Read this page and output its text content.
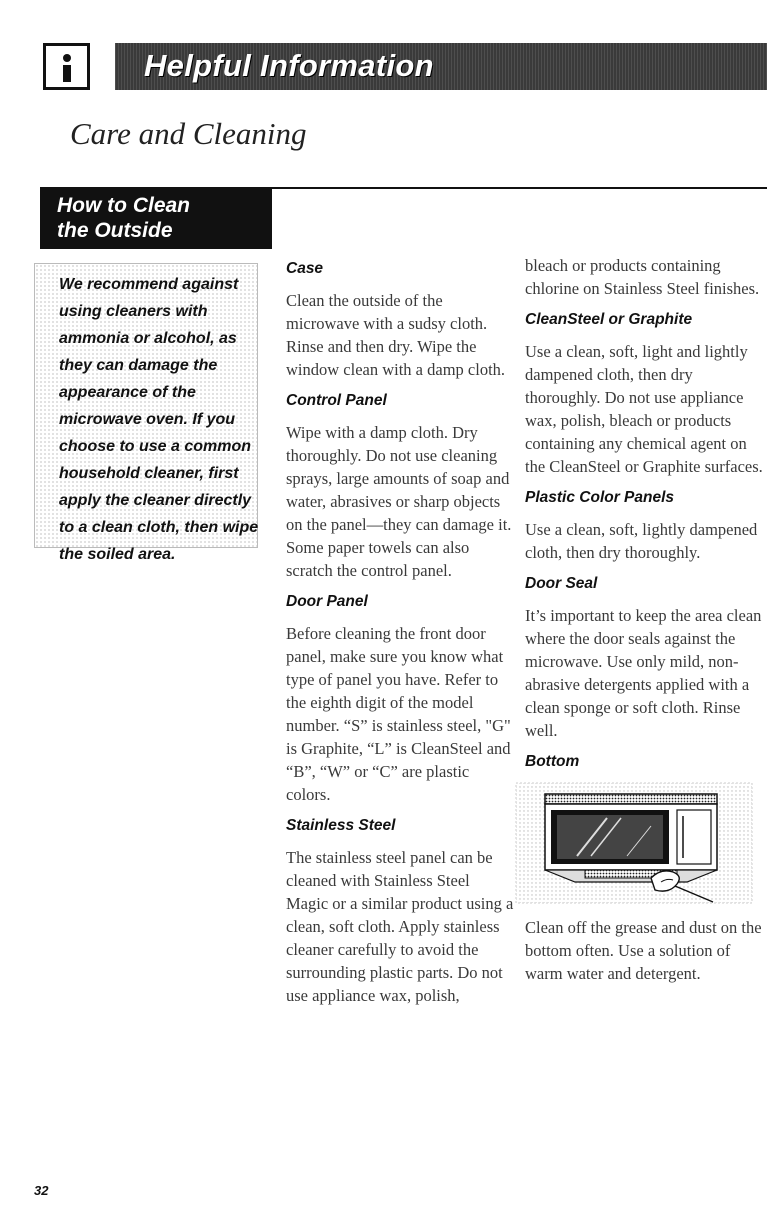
Helpful Information
Care and Cleaning
How to Clean
the Outside
We recommend against using cleaners with ammonia or alcohol, as they can damage the appearance of the microwave oven. If you choose to use a common household cleaner, first apply the cleaner directly to a clean cloth, then wipe the soiled area.

Case

Clean the outside of the microwave with a sudsy cloth. Rinse and then dry. Wipe the window clean with a damp cloth.

Control Panel

Wipe with a damp cloth. Dry thoroughly. Do not use cleaning sprays, large amounts of soap and water, abrasives or sharp objects on the panel—they can damage it. Some paper towels can also scratch the control panel.

Door Panel

Before cleaning the front door panel, make sure you know what type of panel you have. Refer to the eighth digit of the model number. “S” is stainless steel, "G" is Graphite, “L” is CleanSteel and “B”, “W” or “C” are plastic colors.

Stainless Steel

The stainless steel panel can be cleaned with Stainless Steel Magic or a similar product using a clean, soft cloth. Apply stainless cleaner carefully to avoid the surrounding plastic parts. Do not use appliance wax, polish,

bleach or products containing chlorine on Stainless Steel finishes.

CleanSteel or Graphite

Use a clean, soft, light and lightly dampened cloth, then dry thoroughly. Do not use appliance wax, polish, bleach or products containing any chemical agent on the CleanSteel or Graphite surfaces.

Plastic Color Panels

Use a clean, soft, lightly dampened cloth, then dry thoroughly.

Door Seal

It’s important to keep the area clean where the door seals against the microwave. Use only mild, non-abrasive detergents applied with a clean sponge or soft cloth. Rinse well.

Bottom

Clean off the grease and dust on the bottom often. Use a solution of warm water and detergent.

32
